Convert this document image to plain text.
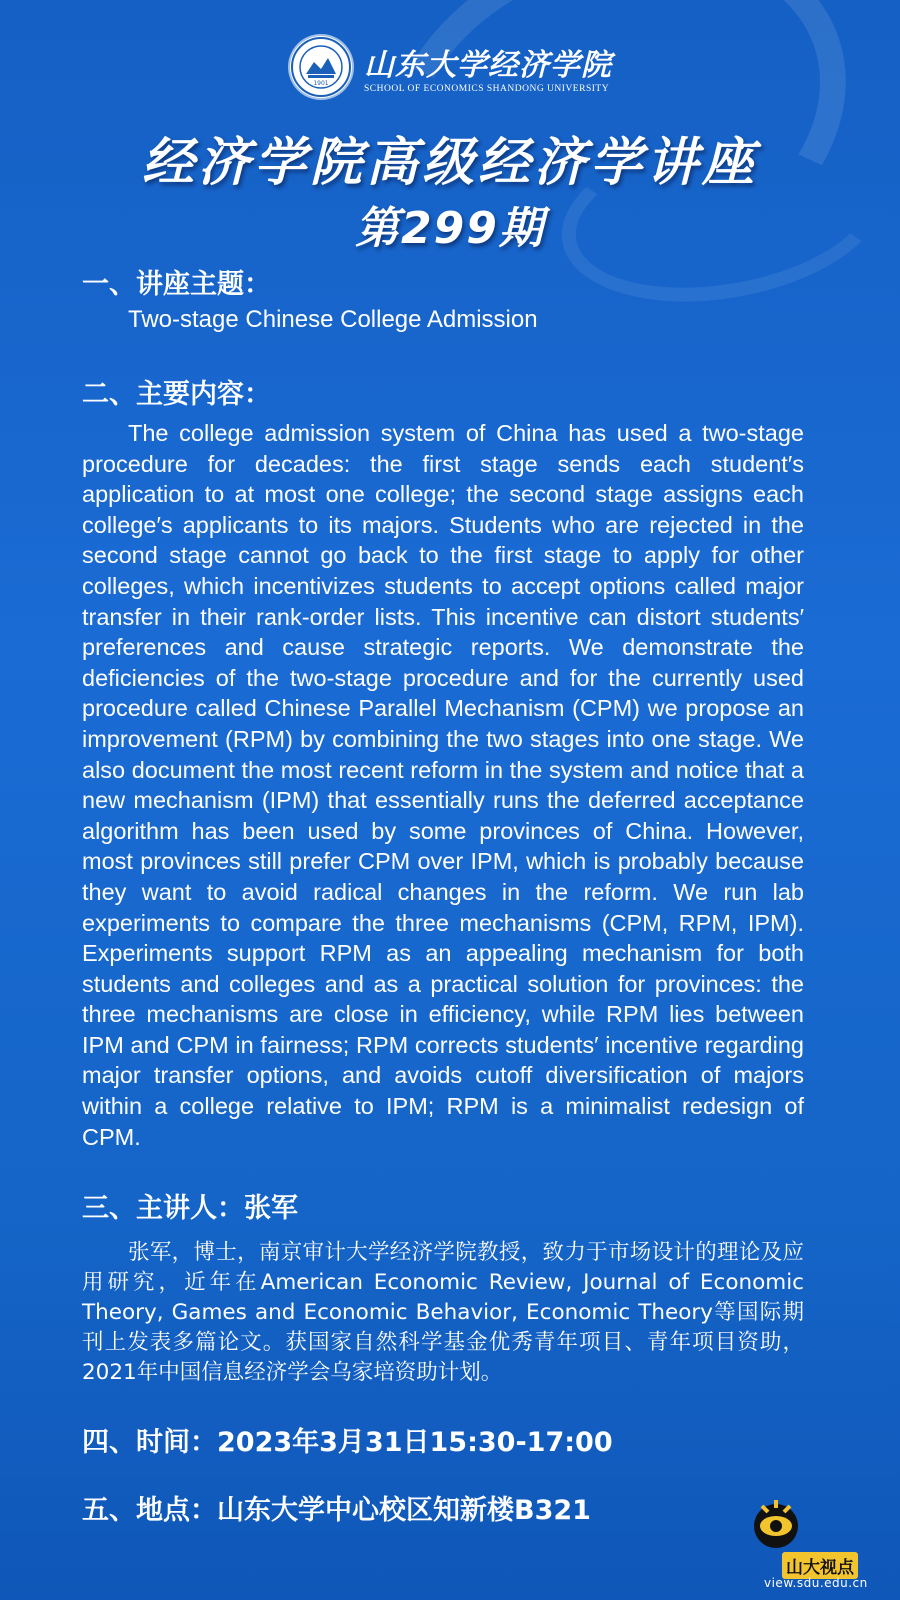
1901
山东大学经济学院
SCHOOL OF ECONOMICS SHANDONG UNIVERSITY
经济学院高级经济学讲座
第299期
一、讲座主题：
Two-stage Chinese College Admission
二、主要内容：

The college admission system of China has used a two-stage procedure for decades: the first stage sends each student′s application to at most one college; the second stage assigns each college′s applicants to its majors. Students who are rejected in the second stage cannot go back to the first stage to apply for other colleges, which incentivizes students to accept options called major transfer in their rank-order lists. This incentive can distort students′ preferences and cause strategic reports. We demonstrate the deficiencies of the two-stage procedure and for the currently used procedure called Chinese Parallel Mechanism (CPM) we propose an improvement (RPM) by combining the two stages into one stage. We also document the most recent reform in the system and notice that a new mechanism (IPM) that essentially runs the deferred acceptance algorithm has been used by some provinces of China. However, most provinces still prefer CPM over IPM, which is probably because they want to avoid radical changes in the reform. We run lab experiments to compare the three mechanisms (CPM, RPM, IPM). Experiments support RPM as an appealing mechanism for both students and colleges and as a practical solution for provinces: the three mechanisms are close in efficiency, while RPM lies between IPM and CPM in fairness; RPM corrects students′ incentive regarding major transfer options, and avoids cutoff diversification of majors within a college relative to IPM; RPM is a minimalist redesign of CPM.

三、主讲人：张军

张军，博士，南京审计大学经济学院教授，致力于市场设计的理论及应用研究，近年在American Economic Review, Journal of Economic Theory, Games and Economic Behavior, Economic Theory等国际期刊上发表多篇论文。获国家自然科学基金优秀青年项目、青年项目资助，2021年中国信息经济学会乌家培资助计划。

四、时间：2023年3月31日15:30-17:00
五、地点：山东大学中心校区知新楼B321
山大视点
view.sdu.edu.cn
